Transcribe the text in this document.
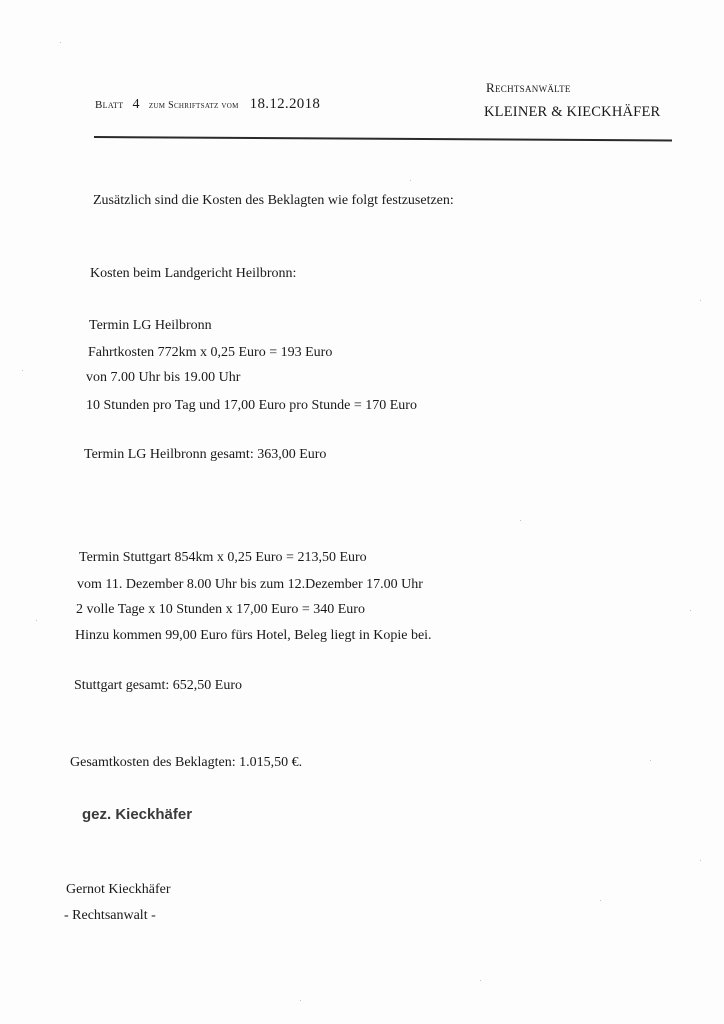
Blatt 4 zum Schriftsatz vom 18.12.2018
Rechtsanwälte
KLEINER & KIECKHÄFER
Zusätzlich sind die Kosten des Beklagten wie folgt festzusetzen:
Kosten beim Landgericht Heilbronn:
Termin LG Heilbronn
Fahrtkosten 772km x 0,25 Euro = 193 Euro
von 7.00 Uhr bis 19.00 Uhr
10 Stunden pro Tag und 17,00 Euro pro Stunde = 170 Euro
Termin LG Heilbronn gesamt: 363,00 Euro
Termin Stuttgart 854km x 0,25 Euro = 213,50 Euro
vom 11. Dezember 8.00 Uhr bis zum 12.Dezember 17.00 Uhr
2 volle Tage x 10 Stunden x 17,00 Euro = 340 Euro
Hinzu kommen 99,00 Euro fürs Hotel, Beleg liegt in Kopie bei.
Stuttgart gesamt: 652,50 Euro
Gesamtkosten des Beklagten: 1.015,50 €.
gez. Kieckhäfer
Gernot Kieckhäfer
- Rechtsanwalt -
